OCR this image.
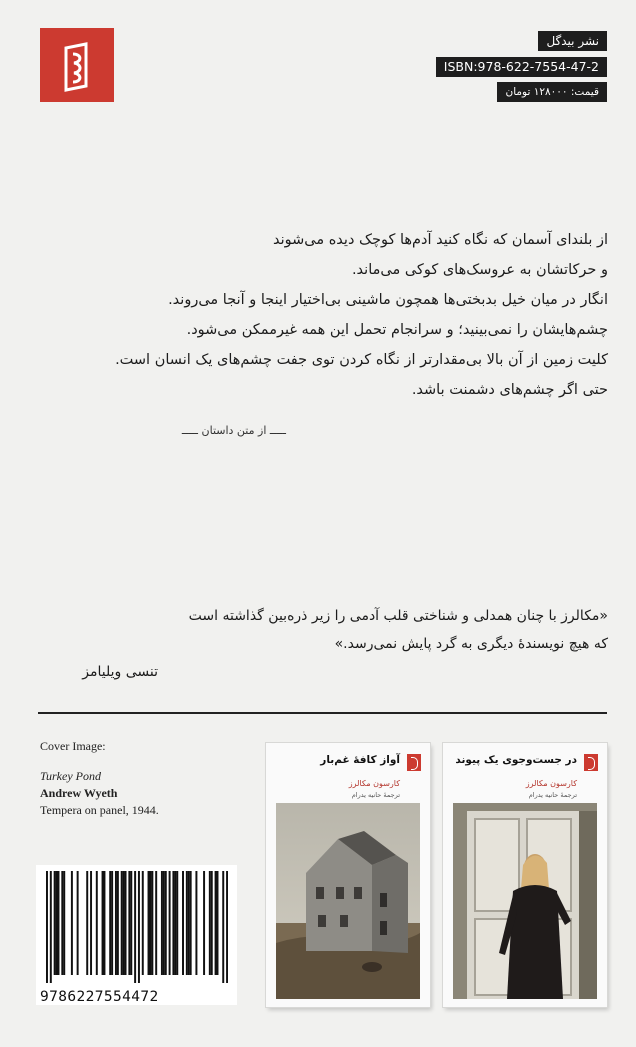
نشر بیدگل
ISBN:978-622-7554-47-2
قیمت: ۱۲۸۰۰۰ تومان
از بلندای آسمان که نگاه کنید آدم‌ها کوچک دیده می‌شوند
و حرکاتشان به عروسک‌های کوکی می‌ماند.
انگار در میان خیل بدبختی‌ها همچون ماشینی بی‌اختیار اینجا و آنجا می‌روند.
چشم‌هایشان را نمی‌بینید؛ و سرانجام تحمل این همه غیرممکن می‌شود.
کلیت زمین از آن بالا بی‌مقدارتر از نگاه کردن توی جفت چشم‌های یک انسان است.
حتی اگر چشم‌های دشمنت باشد.
ـــــ از متن داستان ـــــ
«مکالرز با چنان همدلی و شناختی قلب آدمی را زیر ذره‌بین گذاشته است
که هیچ نویسندهٔ دیگری به گرد پایش نمی‌رسد.»
تنسی ویلیامز
Cover Image:
Turkey Pond
Andrew Wyeth
Tempera on panel, 1944.
9786227554472
آواز کافهٔ غم‌بار
کارسون مکالرز
ترجمهٔ حانیه یدرام
در جست‌وجوی یک پیوند
کارسون مکالرز
ترجمهٔ حانیه یدرام
